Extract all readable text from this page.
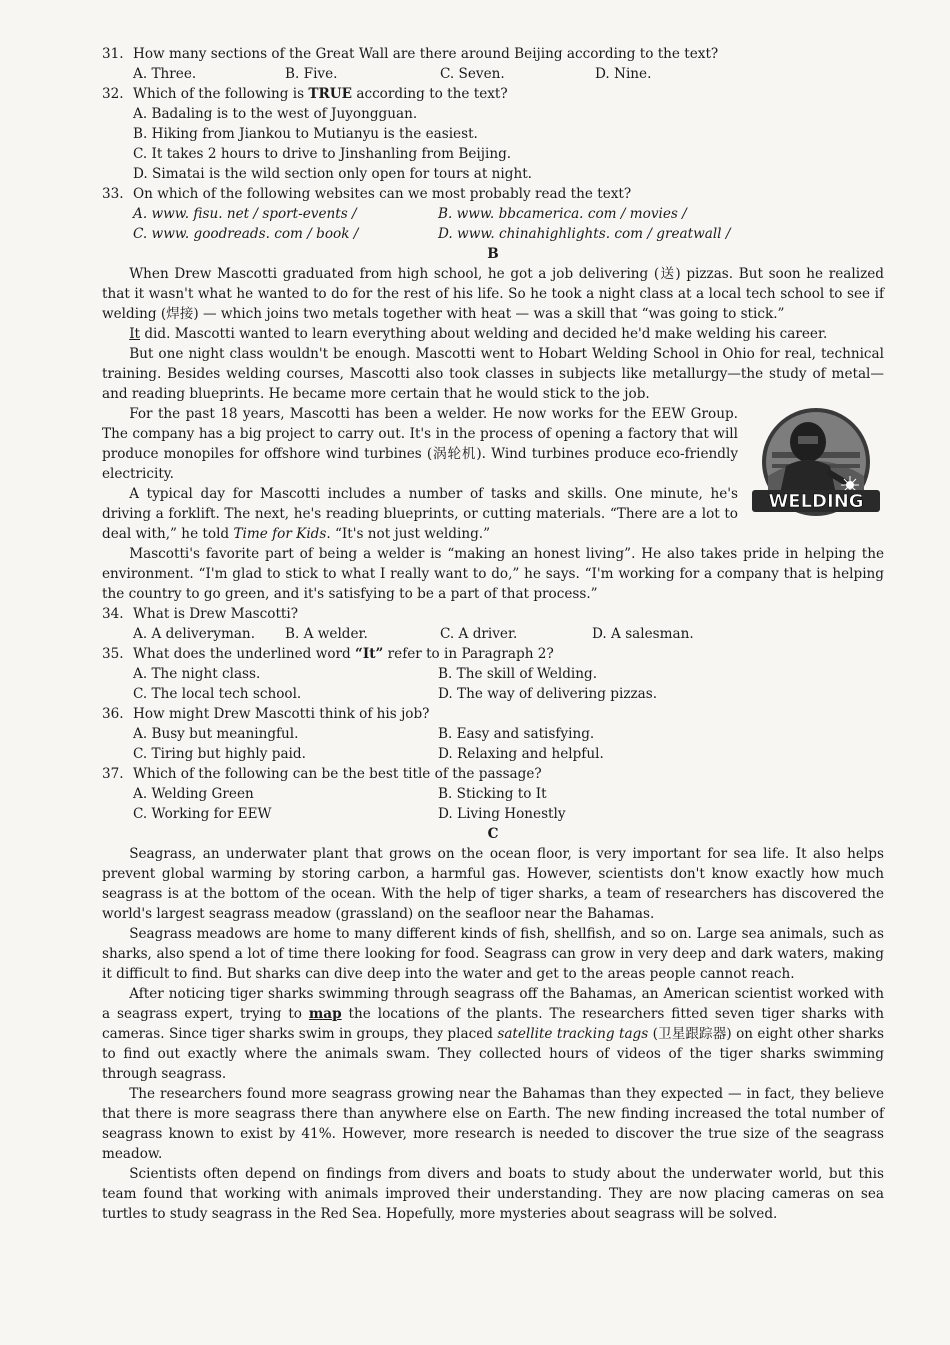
31. How many sections of the Great Wall are there around Beijing according to the text?
A. Three.	B. Five.	C. Seven.	D. Nine.
32. Which of the following is TRUE according to the text?
A. Badaling is to the west of Juyongguan.
B. Hiking from Jiankou to Mutianyu is the easiest.
C. It takes 2 hours to drive to Jinshanling from Beijing.
D. Simatai is the wild section only open for tours at night.
33. On which of the following websites can we most probably read the text?
A. www. fisu. net / sport-events /	B. www. bbcamerica. com / movies /
C. www. goodreads. com / book /	D. www. chinahighlights. com / greatwall /
B

When Drew Mascotti graduated from high school, he got a job delivering (送) pizzas. But soon he realized that it wasn't what he wanted to do for the rest of his life. So he took a night class at a local tech school to see if welding (焊接) — which joins two metals together with heat — was a skill that “was going to stick.”

It did. Mascotti wanted to learn everything about welding and decided he'd make welding his career.

But one night class wouldn't be enough. Mascotti went to Hobart Welding School in Ohio for real, technical training. Besides welding courses, Mascotti also took classes in subjects like metallurgy—the study of metal—and reading blueprints. He became more certain that he would stick to the job.

WELDING

For the past 18 years, Mascotti has been a welder. He now works for the EEW Group. The company has a big project to carry out. It's in the process of opening a factory that will produce monopiles for offshore wind turbines (涡轮机). Wind turbines produce eco-friendly electricity.

A typical day for Mascotti includes a number of tasks and skills. One minute, he's driving a forklift. The next, he's reading blueprints, or cutting materials. “There are a lot to deal with,” he told Time for Kids. “It's not just welding.”

Mascotti's favorite part of being a welder is “making an honest living”. He also takes pride in helping the environment. “I'm glad to stick to what I really want to do,” he says. “I'm working for a company that is helping the country to go green, and it's satisfying to be a part of that process.”

34. What is Drew Mascotti?
A. A deliveryman.	B. A welder.	C. A driver.	D. A salesman.
35. What does the underlined word “It” refer to in Paragraph 2?
A. The night class.	B. The skill of Welding.
C. The local tech school.	D. The way of delivering pizzas.
36. How might Drew Mascotti think of his job?
A. Busy but meaningful.	B. Easy and satisfying.
C. Tiring but highly paid.	D. Relaxing and helpful.
37. Which of the following can be the best title of the passage?
A. Welding Green	B. Sticking to It
C. Working for EEW	D. Living Honestly
C

Seagrass, an underwater plant that grows on the ocean floor, is very important for sea life. It also helps prevent global warming by storing carbon, a harmful gas. However, scientists don't know exactly how much seagrass is at the bottom of the ocean. With the help of tiger sharks, a team of researchers has discovered the world's largest seagrass meadow (grassland) on the seafloor near the Bahamas.

Seagrass meadows are home to many different kinds of fish, shellfish, and so on. Large sea animals, such as sharks, also spend a lot of time there looking for food. Seagrass can grow in very deep and dark waters, making it difficult to find. But sharks can dive deep into the water and get to the areas people cannot reach.

After noticing tiger sharks swimming through seagrass off the Bahamas, an American scientist worked with a seagrass expert, trying to map the locations of the plants. The researchers fitted seven tiger sharks with cameras. Since tiger sharks swim in groups, they placed satellite tracking tags (卫星跟踪器) on eight other sharks to find out exactly where the animals swam. They collected hours of videos of the tiger sharks swimming through seagrass.

The researchers found more seagrass growing near the Bahamas than they expected — in fact, they believe that there is more seagrass there than anywhere else on Earth. The new finding increased the total number of seagrass known to exist by 41%. However, more research is needed to discover the true size of the seagrass meadow.

Scientists often depend on findings from divers and boats to study about the underwater world, but this team found that working with animals improved their understanding. They are now placing cameras on sea turtles to study seagrass in the Red Sea. Hopefully, more mysteries about seagrass will be solved.
